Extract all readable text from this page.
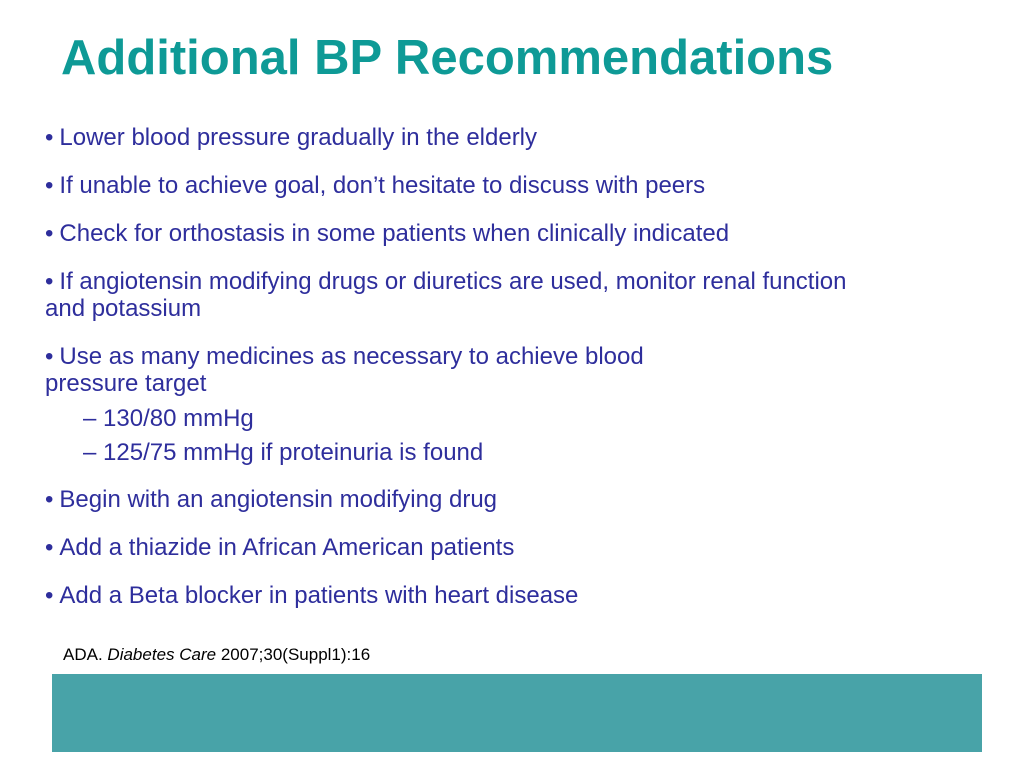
Additional BP Recommendations
• Lower blood pressure gradually in the elderly
• If unable to achieve goal, don’t hesitate to discuss with peers
• Check for orthostasis in some patients when clinically indicated
• If angiotensin modifying drugs or diuretics are used, monitor renal function
and potassium
• Use as many medicines as necessary to achieve blood
pressure target
– 130/80 mmHg
– 125/75 mmHg if proteinuria is found
• Begin with an angiotensin modifying drug
• Add a thiazide in African American patients
• Add a Beta blocker in patients with heart disease
ADA. Diabetes Care 2007;30(Suppl1):16
